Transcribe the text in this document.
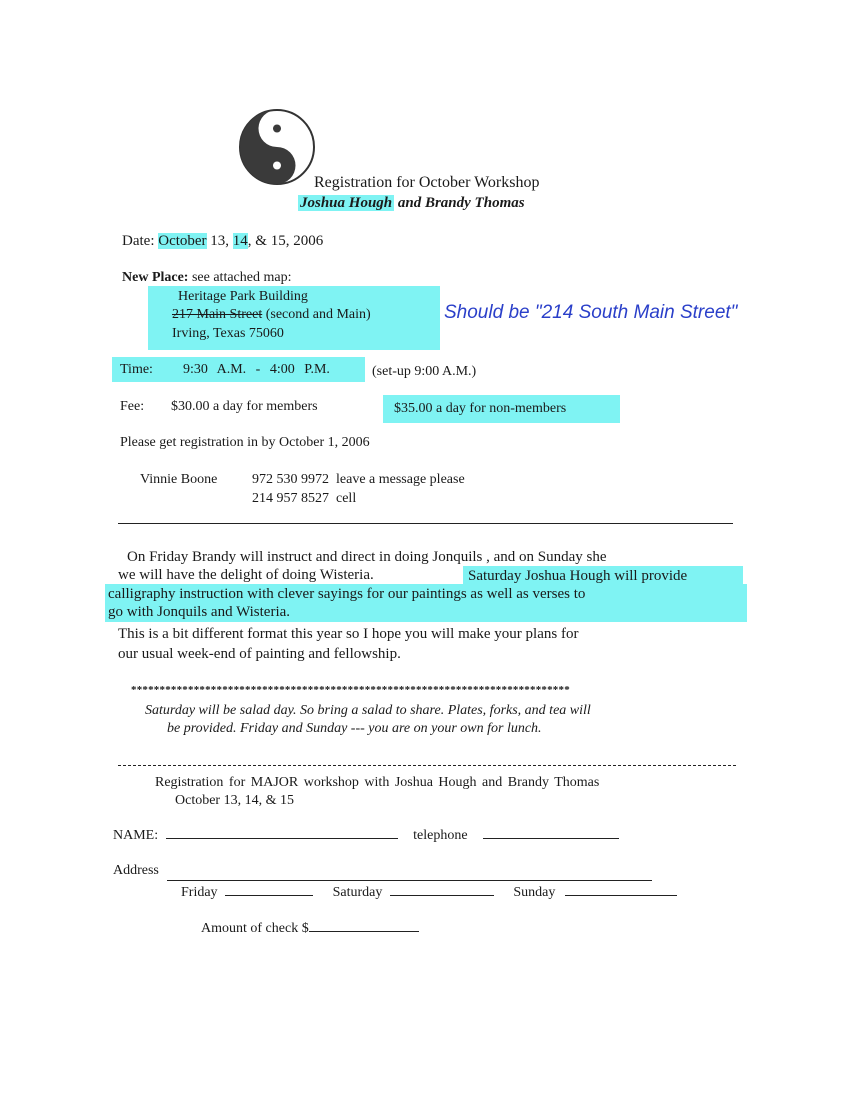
Registration for October Workshop
Joshua Hough and Brandy Thomas
Date: October 13, 14, & 15, 2006
New Place: see attached map:
Heritage Park Building
217 Main Street (second and Main)
Irving, Texas 75060
Should be "214 South Main Street"
Time: 9:30 A.M. - 4:00 P.M.	(set-up 9:00 A.M.)
Fee: $30.00 a day for members	$35.00 a day for non-members
Please get registration in by October 1, 2006
Vinnie Boone 972 530 9972 leave a message please
214 957 8527 cell
On Friday Brandy will instruct and direct in doing Jonquils , and on Sunday she
we will have the delight of doing Wisteria.	Saturday Joshua Hough will provide
calligraphy instruction with clever sayings for our paintings as well as verses to
go with Jonquils and Wisteria.
This is a bit different format this year so I hope you will make your plans for
our usual week-end of painting and fellowship.
*****************************************************************************
Saturday will be salad day. So bring a salad to share. Plates, forks, and tea will
be provided. Friday and Sunday --- you are on your own for lunch.
Registration for MAJOR workshop with Joshua Hough and Brandy Thomas
October 13, 14, & 15
NAME:	telephone
Address
Friday	Saturday	Sunday
Amount of check $
